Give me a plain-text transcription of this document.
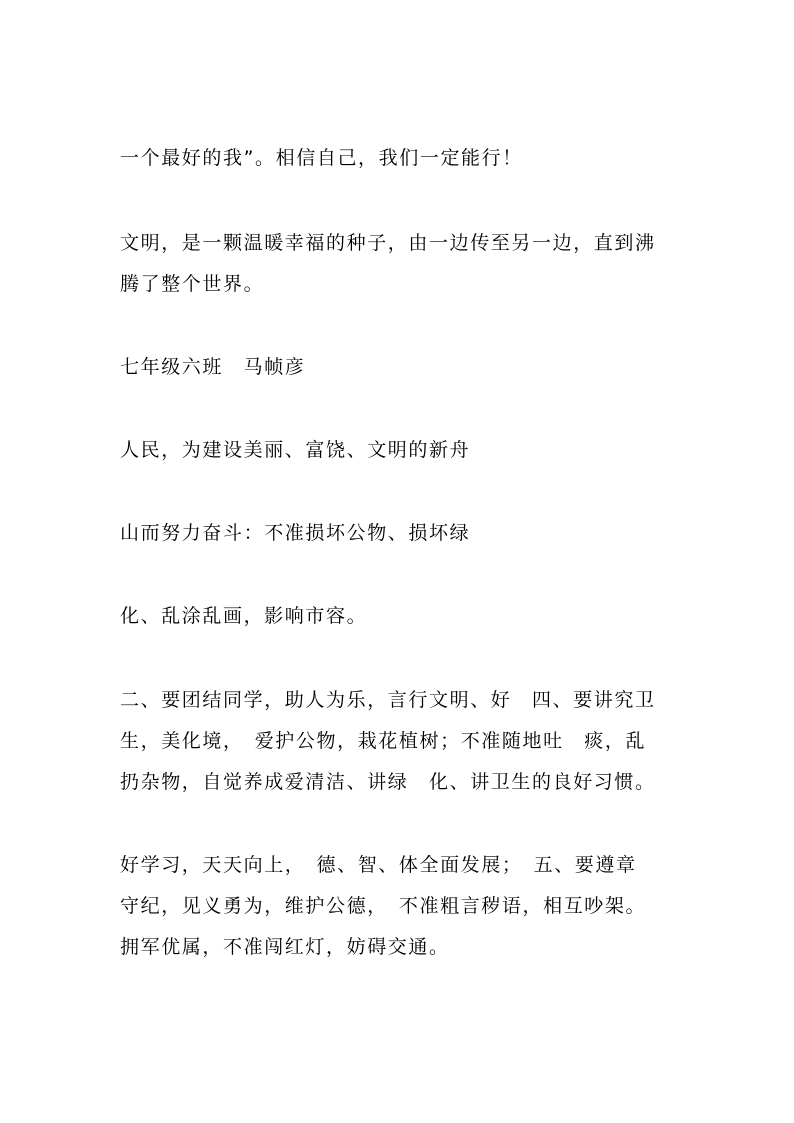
一个最好的我”。相信自己，我们一定能行！
文明，是一颗温暖幸福的种子，由一边传至另一边，直到沸
腾了整个世界。
七年级六班　马帧彦
人民，为建设美丽、富饶、文明的新舟
山而努力奋斗：不准损坏公物、损坏绿
化、乱涂乱画，影响市容。
二、要团结同学，助人为乐，言行文明、好　四、要讲究卫
生，美化境，　爱护公物，栽花植树；不准随地吐　痰，乱
扔杂物，自觉养成爱清洁、讲绿　化、讲卫生的良好习惯。
好学习，天天向上，　德、智、体全面发展；　五、要遵章
守纪，见义勇为，维护公德，　不准粗言秽语，相互吵架。
拥军优属，不准闯红灯，妨碍交通。
